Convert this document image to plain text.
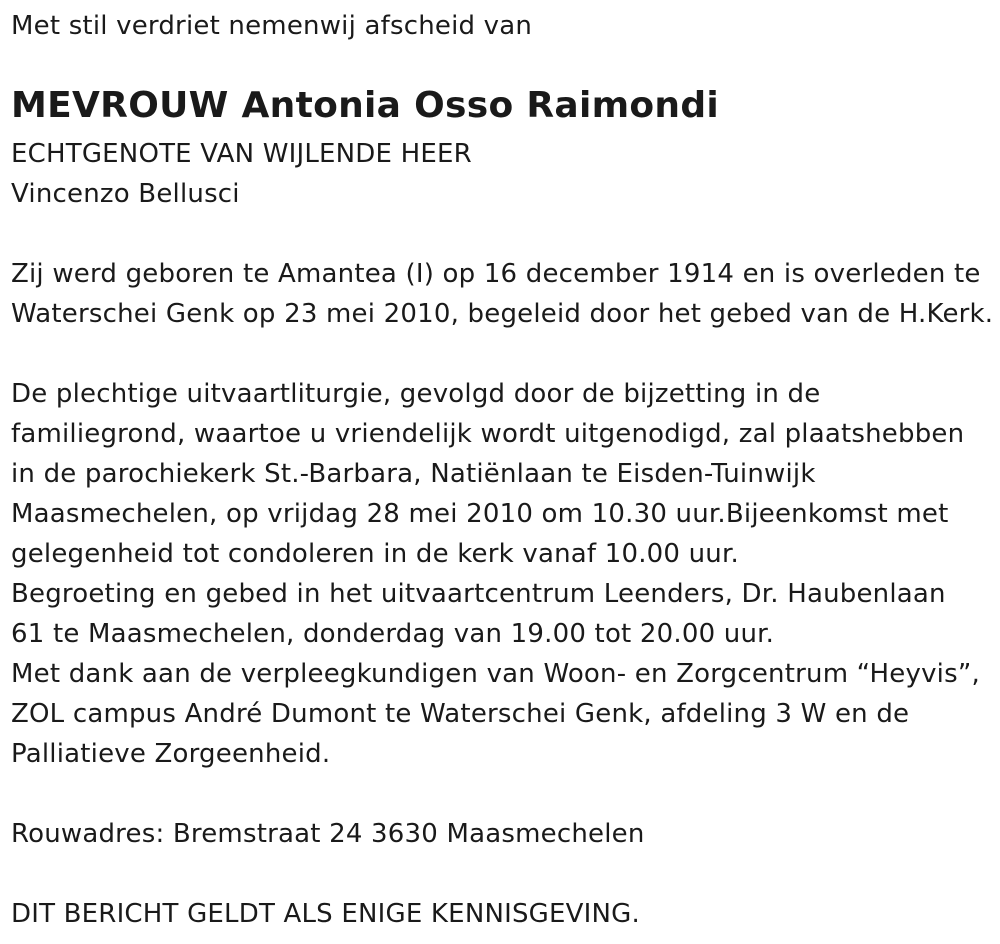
Met stil verdriet nemenwij afscheid van
MEVROUW Antonia Osso Raimondi
ECHTGENOTE VAN WIJLENDE HEER
Vincenzo Bellusci
Zij werd geboren te Amantea (I) op 16 december 1914 en is overleden te
Waterschei Genk op 23 mei 2010, begeleid door het gebed van de H.Kerk.
De plechtige uitvaartliturgie, gevolgd door de bijzetting in de
familiegrond, waartoe u vriendelijk wordt uitgenodigd, zal plaatshebben
in de parochiekerk St.-Barbara, Natiënlaan te Eisden-Tuinwijk
Maasmechelen, op vrijdag 28 mei 2010 om 10.30 uur.Bijeenkomst met
gelegenheid tot condoleren in de kerk vanaf 10.00 uur.
Begroeting en gebed in het uitvaartcentrum Leenders, Dr. Haubenlaan
61 te Maasmechelen, donderdag van 19.00 tot 20.00 uur.
Met dank aan de verpleegkundigen van Woon- en Zorgcentrum “Heyvis”,
ZOL campus André Dumont te Waterschei Genk, afdeling 3 W en de
Palliatieve Zorgeenheid.
Rouwadres: Bremstraat 24 3630 Maasmechelen
DIT BERICHT GELDT ALS ENIGE KENNISGEVING.
